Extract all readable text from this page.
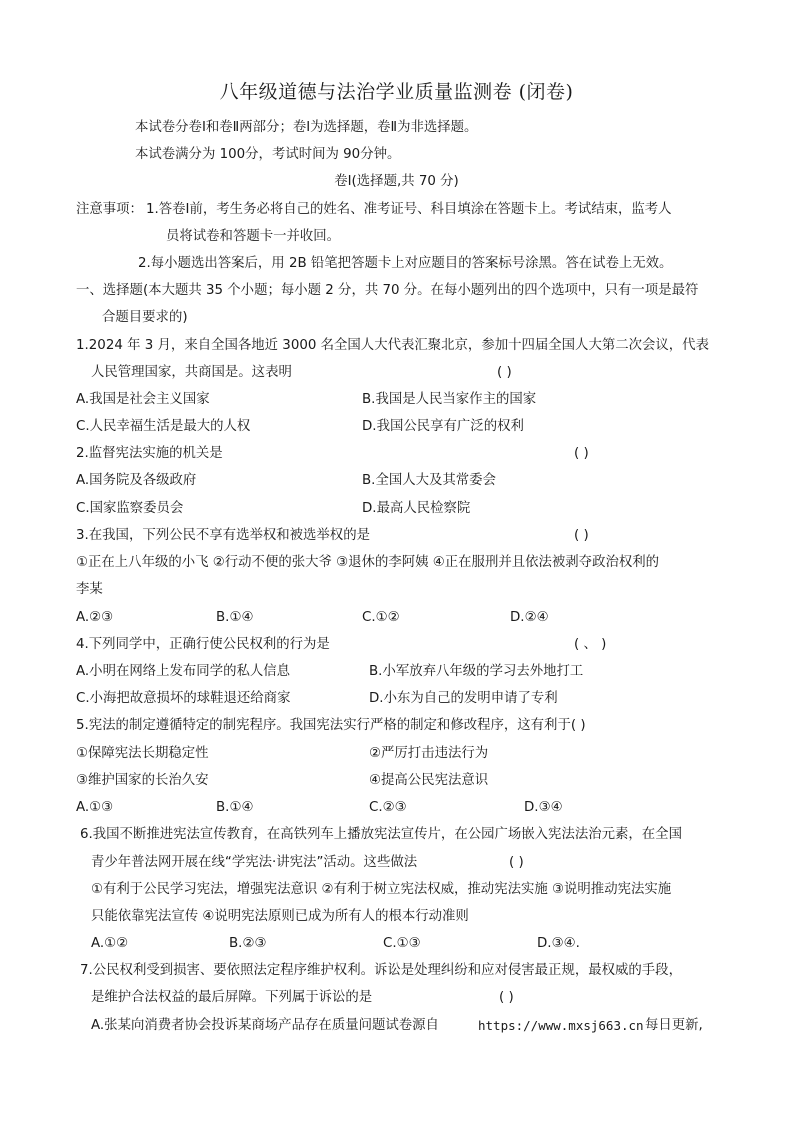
八年级道德与法治学业质量监测卷 (闭卷)
本试卷分卷Ⅰ和卷Ⅱ两部分；卷Ⅰ为选择题，卷Ⅱ为非选择题。
本试卷满分为 100分，考试时间为 90分钟。
卷Ⅰ(选择题,共 70 分)
注意事项： 1.答卷Ⅰ前，考生务必将自己的姓名、准考证号、科目填涂在答题卡上。考试结束，监考人
员将试卷和答题卡一并收回。
2.每小题选出答案后，用 2B 铅笔把答题卡上对应题目的答案标号涂黑。答在试卷上无效。
一、选择题(本大题共 35 个小题；每小题 2 分，共 70 分。在每小题列出的四个选项中，只有一项是最符
合题目要求的)
1.2024 年 3 月，来自全国各地近 3000 名全国人大代表汇聚北京，参加十四届全国人大第二次会议，代表
人民管理国家，共商国是。这表明	( )
A.我国是社会主义国家	B.我国是人民当家作主的国家
C.人民幸福生活是最大的人权	D.我国公民享有广泛的权利
2.监督宪法实施的机关是	( )
A.国务院及各级政府	B.全国人大及其常委会
C.国家监察委员会	D.最高人民检察院
3.在我国，下列公民不享有选举权和被选举权的是	( )
①正在上八年级的小飞 ②行动不便的张大爷 ③退休的李阿姨 ④正在服刑并且依法被剥夺政治权利的
李某
A.②③	B.①④	C.①②	D.②④
4.下列同学中，正确行使公民权利的行为是	( 、 )
A.小明在网络上发布同学的私人信息	B.小军放弃八年级的学习去外地打工
C.小海把故意损坏的球鞋退还给商家	D.小东为自己的发明申请了专利
5.宪法的制定遵循特定的制宪程序。我国宪法实行严格的制定和修改程序，这有利于( )
①保障宪法长期稳定性	②严厉打击违法行为
③维护国家的长治久安	④提高公民宪法意识
A.①③	B.①④	C.②③	D.③④
6.我国不断推进宪法宣传教育，在高铁列车上播放宪法宣传片，在公园广场嵌入宪法法治元素，在全国
青少年普法网开展在线“学宪法·讲宪法”活动。这些做法	( )
①有利于公民学习宪法，增强宪法意识 ②有利于树立宪法权威，推动宪法实施 ③说明推动宪法实施
只能依靠宪法宣传 ④说明宪法原则已成为所有人的根本行动准则
A.①②	B.②③	C.①③	D.③④.
7.公民权利受到损害、要依照法定程序维护权利。诉讼是处理纠纷和应对侵害最正规，最权威的手段，
是维护合法权益的最后屏障。下列属于诉讼的是	( )
A.张某向消费者协会投诉某商场产品存在质量问题试卷源自	https://www.mxsj663.cn 每日更新,
